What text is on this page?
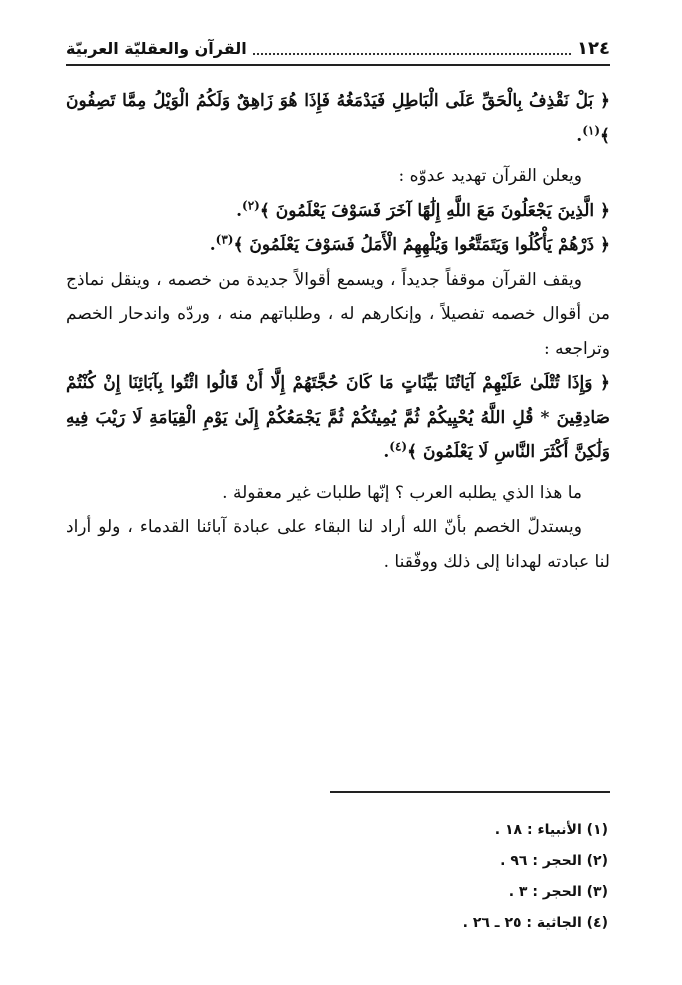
١٢٤
القرآن والعقليّة العربيّة

﴿ بَلْ نَقْذِفُ بِالْحَقِّ عَلَى الْبَاطِلِ فَيَدْمَغُهُ فَإِذَا هُوَ زَاهِقٌ وَلَكُمُ الْوَيْلُ مِمَّا تَصِفُونَ ﴾$^{(١)}$.

ويعلن القرآن تهديد عدوّه :

﴿ الَّذِينَ يَجْعَلُونَ مَعَ اللَّهِ إِلَٰهًا آخَرَ فَسَوْفَ يَعْلَمُونَ ﴾$^{(٢)}$.

﴿ ذَرْهُمْ يَأْكُلُوا وَيَتَمَتَّعُوا وَيُلْهِهِمُ الْأَمَلُ فَسَوْفَ يَعْلَمُونَ ﴾$^{(٣)}$.

ويقف القرآن موقفاً جديداً ، ويسمع أقوالاً جديدة من خصمه ، وينقل نماذج من أقوال خصمه تفصيلاً ، وإنكارهم له ، وطلباتهم منه ، وردّه واندحار الخصم وتراجعه :

﴿ وَإِذَا تُتْلَىٰ عَلَيْهِمْ آيَاتُنَا بَيِّنَاتٍ مَا كَانَ حُجَّتَهُمْ إِلَّا أَنْ قَالُوا ائْتُوا بِآبَائِنَا إِنْ كُنْتُمْ صَادِقِينَ * قُلِ اللَّهُ يُحْيِيكُمْ ثُمَّ يُمِيتُكُمْ ثُمَّ يَجْمَعُكُمْ إِلَىٰ يَوْمِ الْقِيَامَةِ لَا رَيْبَ فِيهِ وَلَٰكِنَّ أَكْثَرَ النَّاسِ لَا يَعْلَمُونَ ﴾$^{(٤)}$.

ما هذا الذي يطلبه العرب ؟ إنّها طلبات غير معقولة .

ويستدلّ الخصم بأنّ الله أراد لنا البقاء على عبادة آبائنا القدماء ، ولو أراد لنا عبادته لهدانا إلى ذلك ووفّقنا .

(١) الأنبياء : ١٨ .

(٢) الحجر : ٩٦ .

(٣) الحجر : ٣ .

(٤) الجاثية : ٢٥ ـ ٢٦ .
